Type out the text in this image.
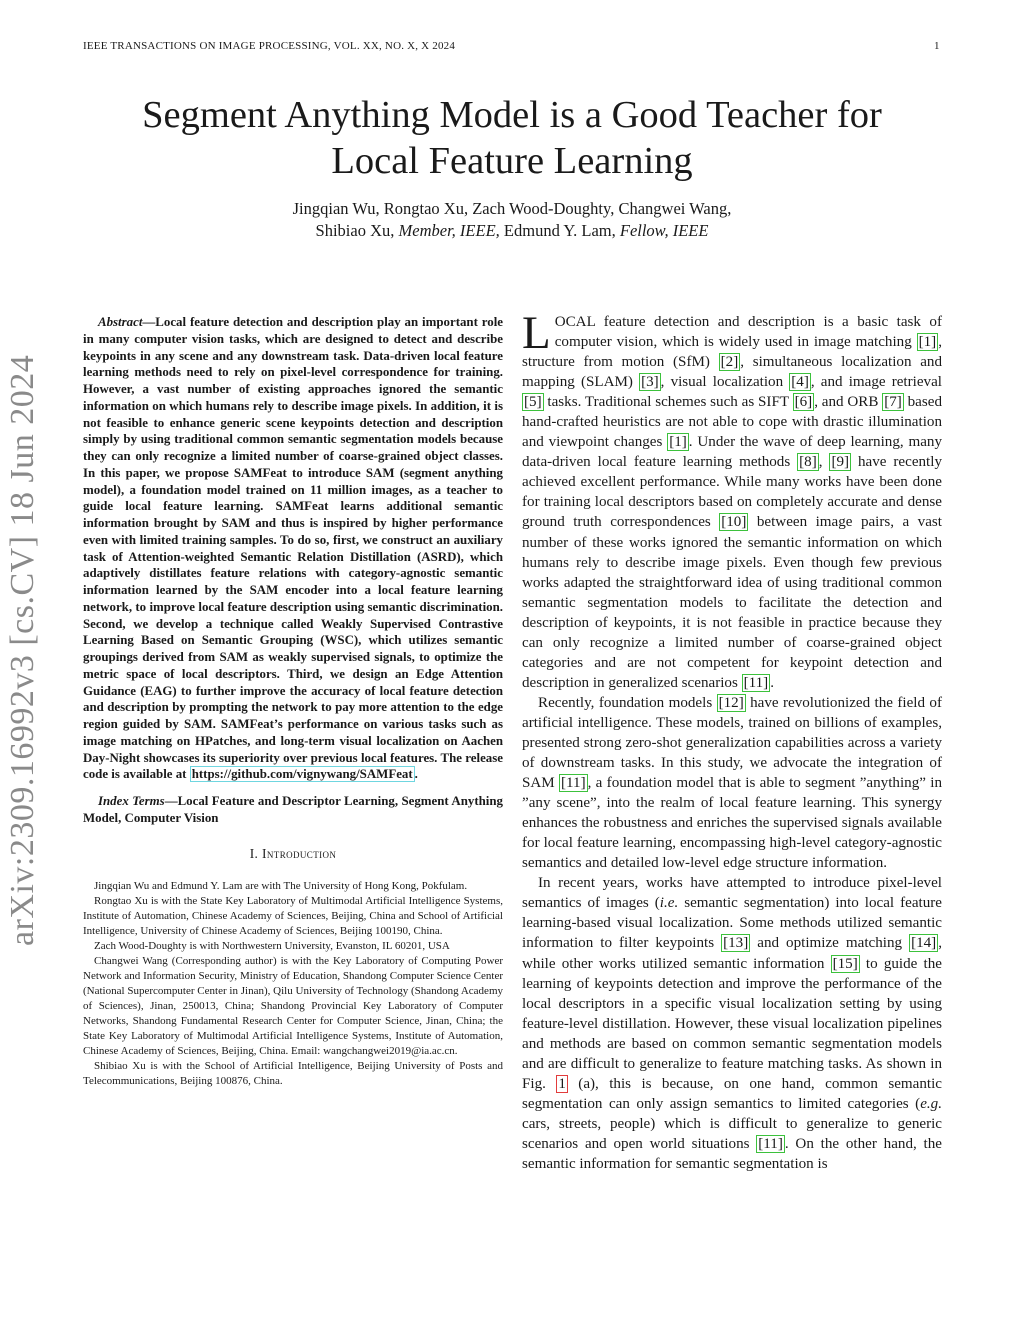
IEEE TRANSACTIONS ON IMAGE PROCESSING, VOL. XX, NO. X, X 2024	1
Segment Anything Model is a Good Teacher for
Local Feature Learning
Jingqian Wu, Rongtao Xu, Zach Wood-Doughty, Changwei Wang,
Shibiao Xu, Member, IEEE, Edmund Y. Lam, Fellow, IEEE
arXiv:2309.16992v3 [cs.CV] 18 Jun 2024

Abstract—Local feature detection and description play an important role in many computer vision tasks, which are designed to detect and describe keypoints in any scene and any downstream task. Data-driven local feature learning methods need to rely on pixel-level correspondence for training. However, a vast number of existing approaches ignored the semantic information on which humans rely to describe image pixels. In addition, it is not feasible to enhance generic scene keypoints detection and description simply by using traditional common semantic segmentation models because they can only recognize a limited number of coarse-grained object classes. In this paper, we propose SAMFeat to introduce SAM (segment anything model), a foundation model trained on 11 million images, as a teacher to guide local feature learning. SAMFeat learns additional semantic information brought by SAM and thus is inspired by higher performance even with limited training samples. To do so, first, we construct an auxiliary task of Attention-weighted Semantic Relation Distillation (ASRD), which adaptively distillates feature relations with category-agnostic semantic information learned by the SAM encoder into a local feature learning network, to improve local feature description using semantic discrimination. Second, we develop a technique called Weakly Supervised Contrastive Learning Based on Semantic Grouping (WSC), which utilizes semantic groupings derived from SAM as weakly supervised signals, to optimize the metric space of local descriptors. Third, we design an Edge Attention Guidance (EAG) to further improve the accuracy of local feature detection and description by prompting the network to pay more attention to the edge region guided by SAM. SAMFeat’s performance on various tasks such as image matching on HPatches, and long-term visual localization on Aachen Day-Night showcases its superiority over previous local features. The release code is available at https://github.com/vignywang/SAMFeat .

Index Terms—Local Feature and Descriptor Learning, Segment Anything Model, Computer Vision

I. Introduction

Jingqian Wu and Edmund Y. Lam are with The University of Hong Kong, Pokfulam.

Rongtao Xu is with the State Key Laboratory of Multimodal Artificial Intelligence Systems, Institute of Automation, Chinese Academy of Sciences, Beijing, China and School of Artificial Intelligence, University of Chinese Academy of Sciences, Beijing 100190, China.

Zach Wood-Doughty is with Northwestern University, Evanston, IL 60201, USA

Changwei Wang (Corresponding author) is with the Key Laboratory of Computing Power Network and Information Security, Ministry of Education, Shandong Computer Science Center (National Supercomputer Center in Jinan), Qilu University of Technology (Shandong Academy of Sciences), Jinan, 250013, China; Shandong Provincial Key Laboratory of Computer Networks, Shandong Fundamental Research Center for Computer Science, Jinan, China; the State Key Laboratory of Multimodal Artificial Intelligence Systems, Institute of Automation, Chinese Academy of Sciences, Beijing, China. Email: wangchangwei2019@ia.ac.cn.

Shibiao Xu is with the School of Artificial Intelligence, Beijing University of Posts and Telecommunications, Beijing 100876, China.

LOCAL feature detection and description is a basic task of computer vision, which is widely used in image matching [1] , structure from motion (SfM) [2] , simultaneous localization and mapping (SLAM) [3] , visual localization [4] , and image retrieval [5] tasks. Traditional schemes such as SIFT [6] , and ORB [7] based hand-crafted heuristics are not able to cope with drastic illumination and viewpoint changes [1] . Under the wave of deep learning, many data-driven local feature learning methods [8] , [9] have recently achieved excellent performance. While many works have been done for training local descriptors based on completely accurate and dense ground truth correspondences [10] between image pairs, a vast number of these works ignored the semantic information on which humans rely to describe image pixels. Even though few previous works adapted the straightforward idea of using traditional common semantic segmentation models to facilitate the detection and description of keypoints, it is not feasible in practice because they can only recognize a limited number of coarse-grained object categories and are not competent for keypoint detection and description in generalized scenarios [11] .

Recently, foundation models [12] have revolutionized the field of artificial intelligence. These models, trained on billions of examples, presented strong zero-shot generalization capabilities across a variety of downstream tasks. In this study, we advocate the integration of SAM [11] , a foundation model that is able to segment ”anything” in ”any scene”, into the realm of local feature learning. This synergy enhances the robustness and enriches the supervised signals available for local feature learning, encompassing high-level category-agnostic semantics and detailed low-level edge structure information.

In recent years, works have attempted to introduce pixel-level semantics of images (i.e. semantic segmentation) into local feature learning-based visual localization. Some methods utilized semantic information to filter keypoints [13] and optimize matching [14] , while other works utilized semantic information [15] to guide the learning of keypoints detection and improve the performance of the local descriptors in a specific visual localization setting by using feature-level distillation. However, these visual localization pipelines and methods are based on common semantic segmentation models and are difficult to generalize to feature matching tasks. As shown in Fig. 1 (a), this is because, on one hand, common semantic segmentation can only assign semantics to limited categories (e.g. cars, streets, people) which is difficult to generalize to generic scenarios and open world situations [11] . On the other hand, the semantic information for semantic segmentation is
